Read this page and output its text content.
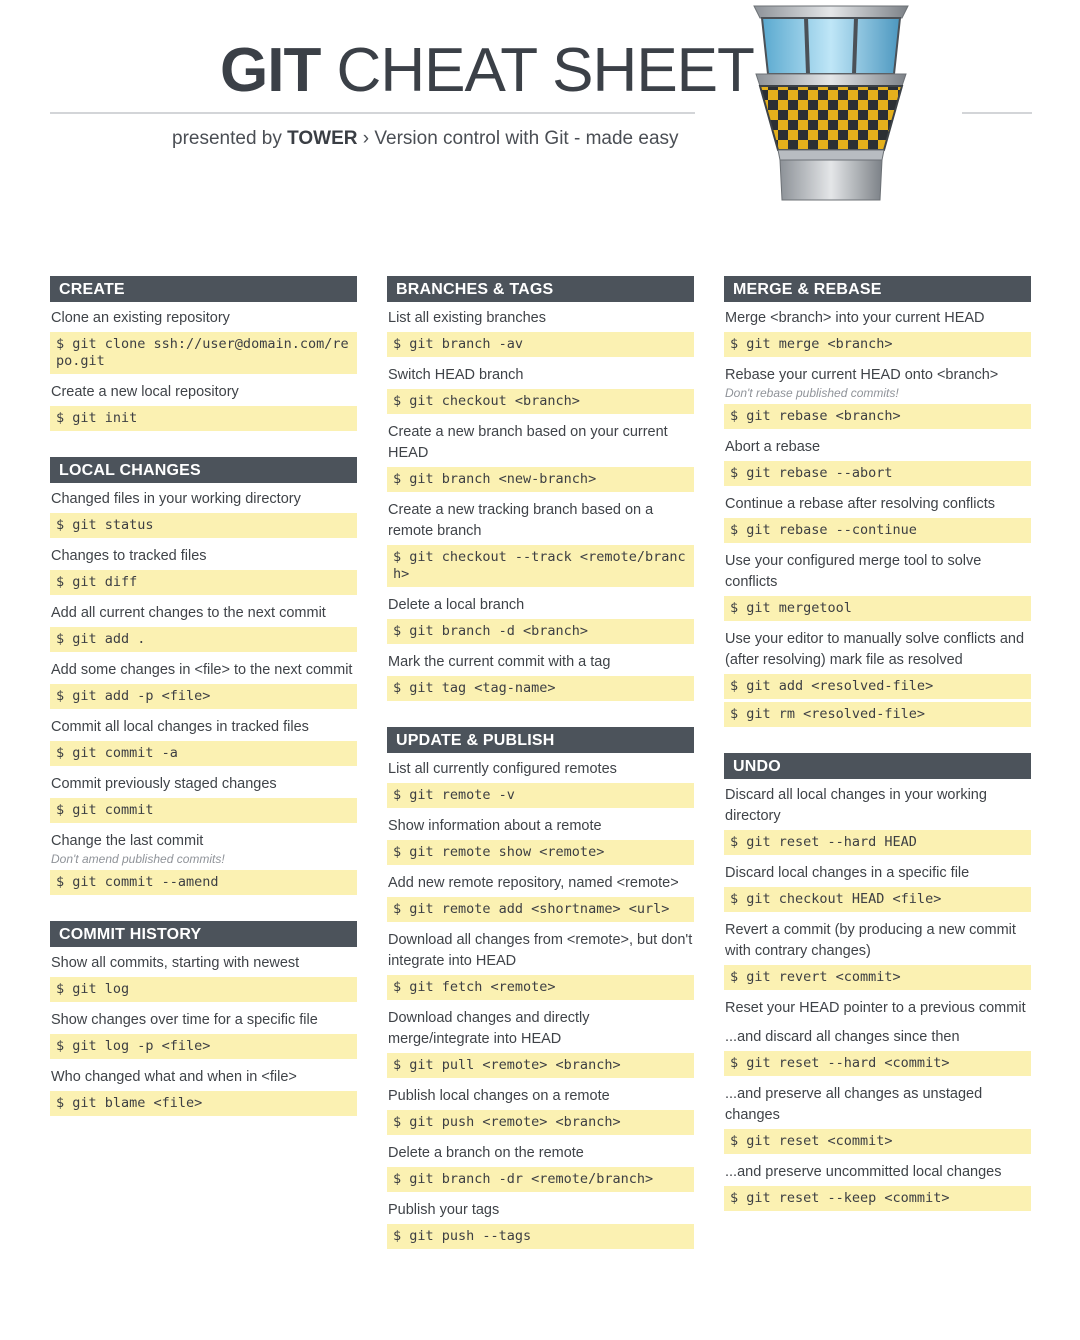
GIT CHEAT SHEET
presented by TOWER › Version control with Git - made easy
CREATE
Clone an existing repository
$ git clone ssh://user@domain.com/repo.git
Create a new local repository
$ git init
LOCAL CHANGES
Changed files in your working directory
$ git status
Changes to tracked files
$ git diff
Add all current changes to the next commit
$ git add .
Add some changes in <file> to the next commit
$ git add -p <file>
Commit all local changes in tracked files
$ git commit -a
Commit previously staged changes
$ git commit
Change the last commit
Don't amend published commits!
$ git commit --amend
COMMIT HISTORY
Show all commits, starting with newest
$ git log
Show changes over time for a specific file
$ git log -p <file>
Who changed what and when in <file>
$ git blame <file>
BRANCHES & TAGS
List all existing branches
$ git branch -av
Switch HEAD branch
$ git checkout <branch>
Create a new branch based on your current HEAD
$ git branch <new-branch>
Create a new tracking branch based on a remote branch
$ git checkout --track <remote/branch>
Delete a local branch
$ git branch -d <branch>
Mark the current commit with a tag
$ git tag <tag-name>
UPDATE & PUBLISH
List all currently configured remotes
$ git remote -v
Show information about a remote
$ git remote show <remote>
Add new remote repository, named <remote>
$ git remote add <shortname> <url>
Download all changes from <remote>, but don't integrate into HEAD
$ git fetch <remote>
Download changes and directly merge/integrate into HEAD
$ git pull <remote> <branch>
Publish local changes on a remote
$ git push <remote> <branch>
Delete a branch on the remote
$ git branch -dr <remote/branch>
Publish your tags
$ git push --tags
MERGE & REBASE
Merge <branch> into your current HEAD
$ git merge <branch>
Rebase your current HEAD onto <branch>
Don't rebase published commits!
$ git rebase <branch>
Abort a rebase
$ git rebase --abort
Continue a rebase after resolving conflicts
$ git rebase --continue
Use your configured merge tool to solve conflicts
$ git mergetool
Use your editor to manually solve conflicts and (after resolving) mark file as resolved
$ git add <resolved-file>
$ git rm <resolved-file>
UNDO
Discard all local changes in your working directory
$ git reset --hard HEAD
Discard local changes in a specific file
$ git checkout HEAD <file>
Revert a commit (by producing a new commit with contrary changes)
$ git revert <commit>
Reset your HEAD pointer to a previous commit
...and discard all changes since then
$ git reset --hard <commit>
...and preserve all changes as unstaged changes
$ git reset <commit>
...and preserve uncommitted local changes
$ git reset --keep <commit>
